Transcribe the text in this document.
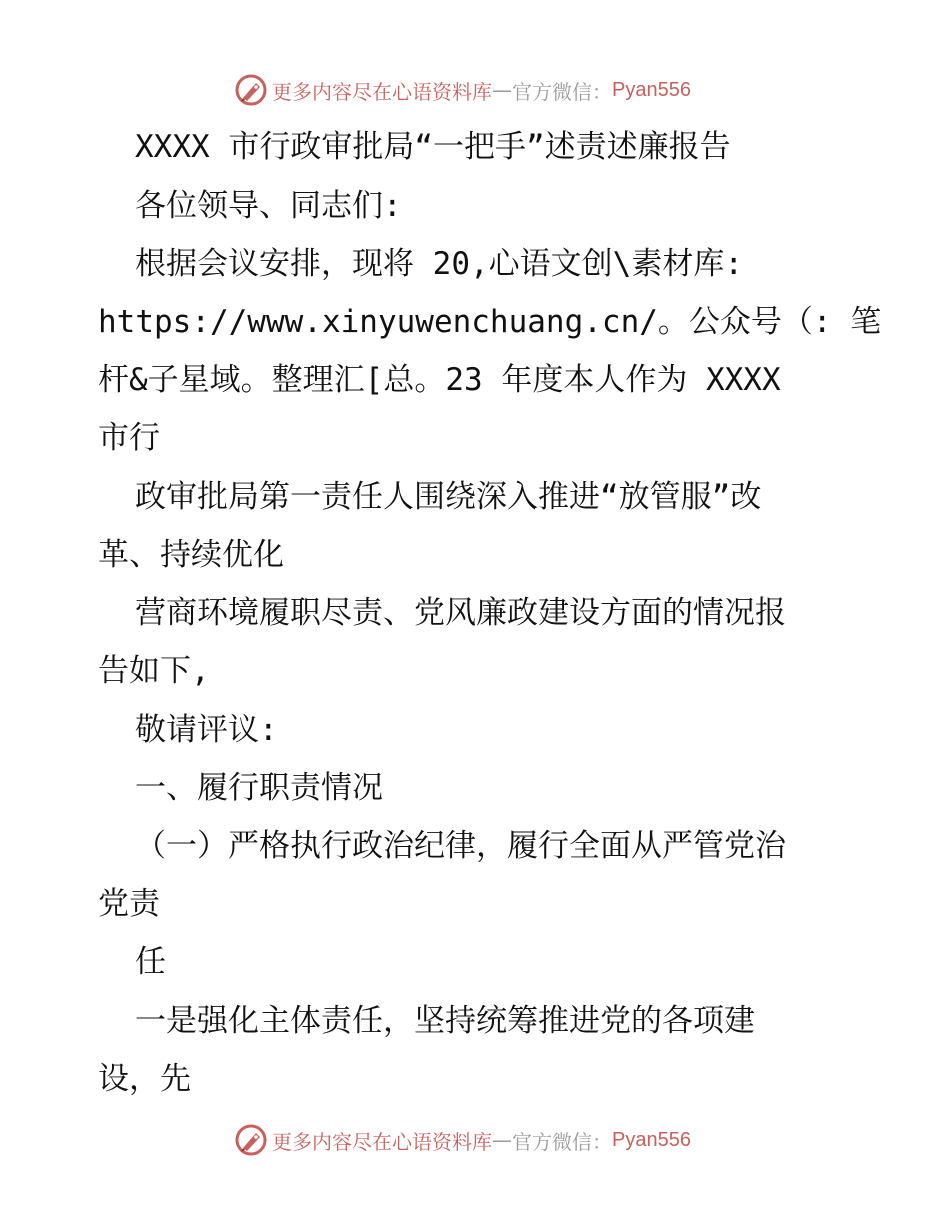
更多内容尽在心语资料库 — 官方微信： Pyan556
XXXX 市行政审批局“一把手”述责述廉报告
各位领导、同志们:
根据会议安排，现将 20,心语文创\素材库:
https://www.xinyuwenchuang.cn/。公众号（: 笔
杆&子星域。整理汇[总。23 年度本人作为 XXXX
市行
政审批局第一责任人围绕深入推进“放管服”改
革、持续优化
营商环境履职尽责、党风廉政建设方面的情况报
告如下,
敬请评议:
一、履行职责情况
（一）严格执行政治纪律，履行全面从严管党治
党责
任
一是强化主体责任，坚持统筹推进党的各项建
设，先
更多内容尽在心语资料库 — 官方微信： Pyan556
